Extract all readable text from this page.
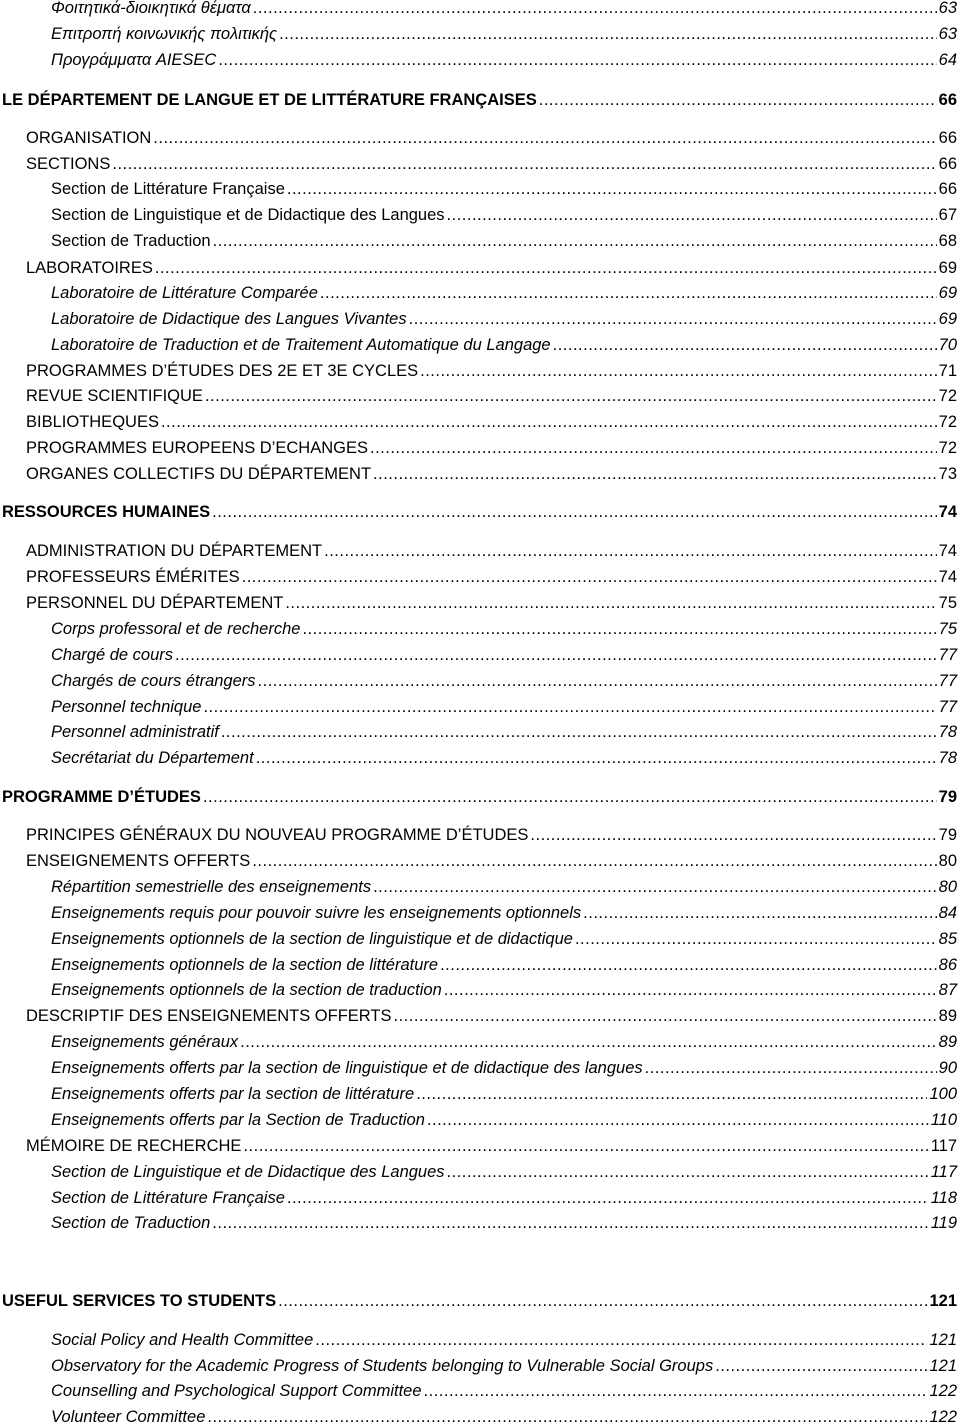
Φοιτητικά-διοικητικά θέματα .....	63
Επιτροπή κοινωνικής πολιτικής .....	63
Προγράμματα AIESEC .....	64
LE DÉPARTEMENT DE LANGUE ET DE LITTÉRATURE FRANÇAISES .....	66
ORGANISATION .....	66
SECTIONS .....	66
Section de Littérature Française .....	66
Section de Linguistique et de Didactique des Langues .....	67
Section de Traduction .....	68
LABORATOIRES .....	69
Laboratoire de Littérature Comparée .....	69
Laboratoire de Didactique des Langues Vivantes .....	69
Laboratoire de Traduction et de Traitement Automatique du Langage .....	70
PROGRAMMES D’ÉTUDES DES 2E ET 3E CYCLES .....	71
REVUE SCIENTIFIQUE .....	72
BIBLIOTHEQUES .....	72
PROGRAMMES EUROPEENS D’ECHANGES .....	72
ORGANES COLLECTIFS DU DÉPARTEMENT .....	73
RESSOURCES HUMAINES .....	74
ADMINISTRATION DU DÉPARTEMENT .....	74
PROFESSEURS ÉMÉRITES .....	74
PERSONNEL DU DÉPARTEMENT .....	75
Corps professoral et de recherche .....	75
Chargé de cours .....	77
Chargés de cours étrangers .....	77
Personnel technique .....	77
Personnel administratif .....	78
Secrétariat du Département .....	78
PROGRAMME D’ÉTUDES .....	79
PRINCIPES GÉNÉRAUX DU NOUVEAU PROGRAMME D’ÉTUDES .....	79
ENSEIGNEMENTS OFFERTS .....	80
Répartition semestrielle des enseignements .....	80
Enseignements requis pour pouvoir suivre les enseignements optionnels .....	84
Enseignements optionnels de la section de linguistique et de didactique .....	85
Enseignements optionnels de la section de littérature .....	86
Enseignements optionnels de la section de traduction .....	87
DESCRIPTIF DES ENSEIGNEMENTS OFFERTS .....	89
Enseignements généraux .....	89
Enseignements offerts par la section de linguistique et de didactique des langues .....	90
Enseignements offerts par la section de littérature .....	100
Enseignements offerts par la Section de Traduction .....	110
MÉMOIRE DE RECHERCHE .....	117
Section de Linguistique et de Didactique des Langues .....	117
Section de Littérature Française .....	118
Section de Traduction .....	119
USEFUL SERVICES TO STUDENTS .....	121
Social Policy and Health Committee .....	121
Observatory for the Academic Progress of Students belonging to Vulnerable Social Groups .....	121
Counselling and Psychological Support Committee .....	122
Volunteer Committee .....	122
